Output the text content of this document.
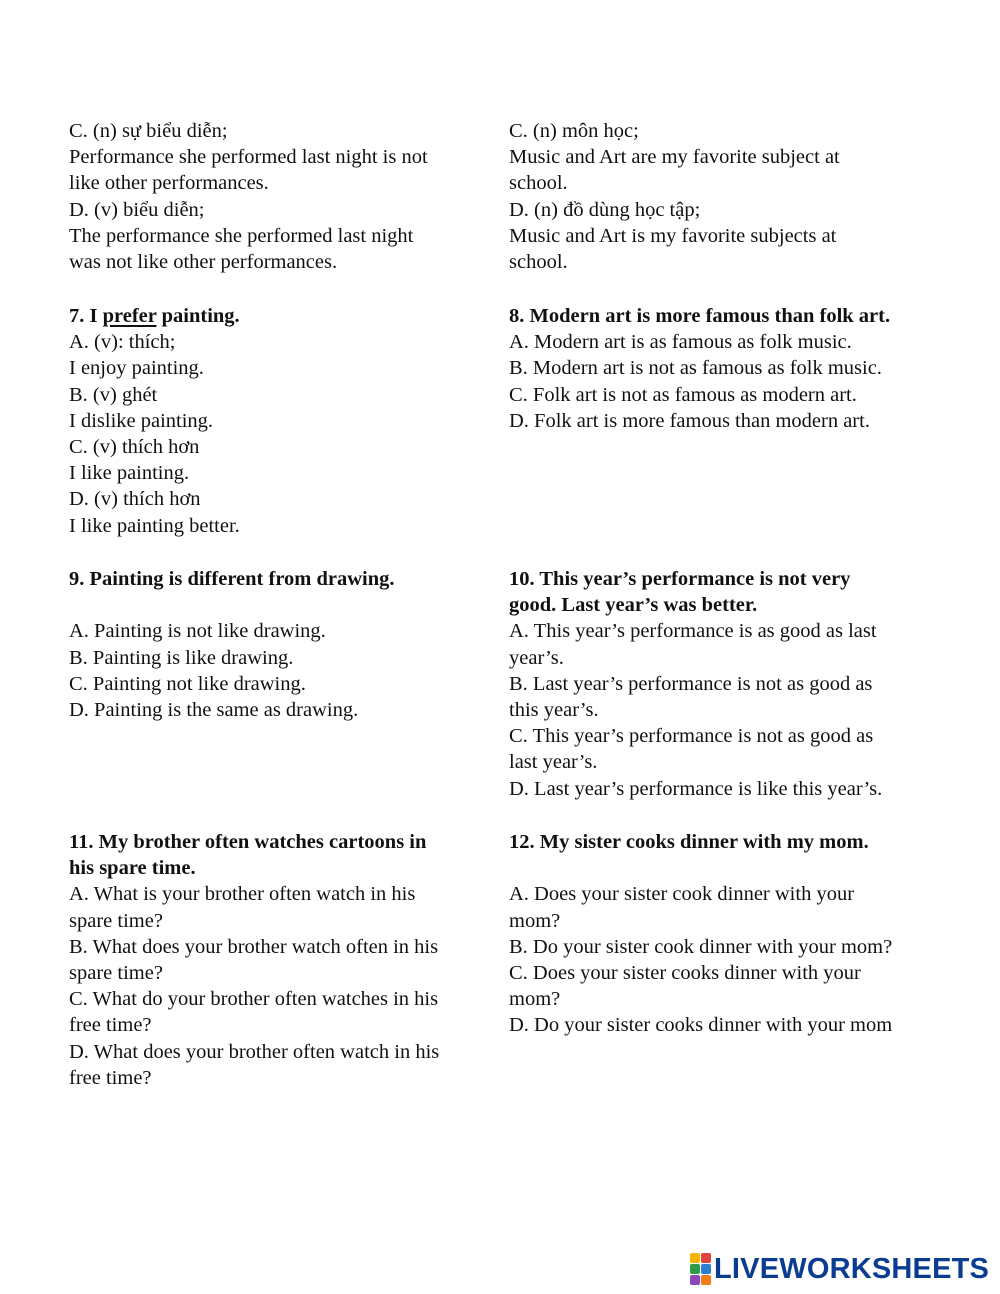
C. (n) sự biểu diễn;
Performance she performed last night is not
like other performances.
D. (v) biểu diễn;
The performance she performed last night
was not like other performances.
C. (n) môn học;
Music and Art are my favorite subject at
school.
D. (n) đồ dùng học tập;
Music and Art is my favorite subjects at
school.
7. I prefer painting.
A. (v): thích;
I enjoy painting.
B. (v) ghét
I dislike painting.
C. (v) thích hơn
I like painting.
D. (v) thích hơn
I like painting better.
8. Modern art is more famous than folk art.
A. Modern art is as famous as folk music.
B. Modern art is not as famous as folk music.
C. Folk art is not as famous as modern art.
D. Folk art is more famous than modern art.
9. Painting is different from drawing.
A. Painting is not like drawing.
B. Painting is like drawing.
C. Painting not like drawing.
D. Painting is the same as drawing.
10. This year’s performance is not very
good. Last year’s was better.
A. This year’s performance is as good as last
year’s.
B. Last year’s performance is not as good as
this year’s.
C. This year’s performance is not as good as
last year’s.
D. Last year’s performance is like this year’s.
11. My brother often watches cartoons in
his spare time.
A. What is your brother often watch in his
spare time?
B. What does your brother watch often in his
spare time?
C. What do your brother often watches in his
free time?
D. What does your brother often watch in his
free time?
12. My sister cooks dinner with my mom.
A. Does your sister cook dinner with your
mom?
B. Do your sister cook dinner with your mom?
C. Does your sister cooks dinner with your
mom?
D. Do your sister cooks dinner with your mom
LIVEWORKSHEETS
